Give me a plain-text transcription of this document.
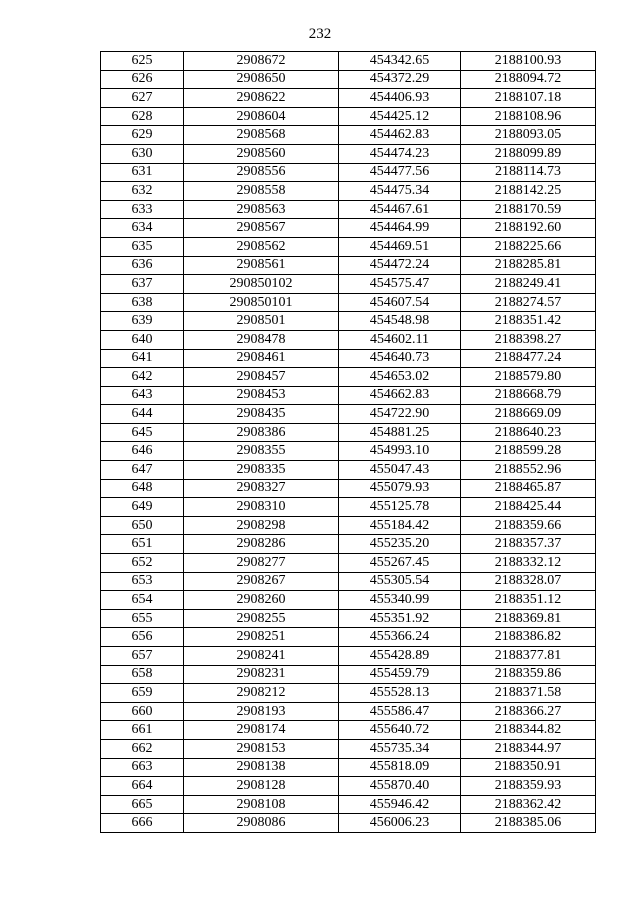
232
625	2908672	454342.65	2188100.93
626	2908650	454372.29	2188094.72
627	2908622	454406.93	2188107.18
628	2908604	454425.12	2188108.96
629	2908568	454462.83	2188093.05
630	2908560	454474.23	2188099.89
631	2908556	454477.56	2188114.73
632	2908558	454475.34	2188142.25
633	2908563	454467.61	2188170.59
634	2908567	454464.99	2188192.60
635	2908562	454469.51	2188225.66
636	2908561	454472.24	2188285.81
637	290850102	454575.47	2188249.41
638	290850101	454607.54	2188274.57
639	2908501	454548.98	2188351.42
640	2908478	454602.11	2188398.27
641	2908461	454640.73	2188477.24
642	2908457	454653.02	2188579.80
643	2908453	454662.83	2188668.79
644	2908435	454722.90	2188669.09
645	2908386	454881.25	2188640.23
646	2908355	454993.10	2188599.28
647	2908335	455047.43	2188552.96
648	2908327	455079.93	2188465.87
649	2908310	455125.78	2188425.44
650	2908298	455184.42	2188359.66
651	2908286	455235.20	2188357.37
652	2908277	455267.45	2188332.12
653	2908267	455305.54	2188328.07
654	2908260	455340.99	2188351.12
655	2908255	455351.92	2188369.81
656	2908251	455366.24	2188386.82
657	2908241	455428.89	2188377.81
658	2908231	455459.79	2188359.86
659	2908212	455528.13	2188371.58
660	2908193	455586.47	2188366.27
661	2908174	455640.72	2188344.82
662	2908153	455735.34	2188344.97
663	2908138	455818.09	2188350.91
664	2908128	455870.40	2188359.93
665	2908108	455946.42	2188362.42
666	2908086	456006.23	2188385.06
